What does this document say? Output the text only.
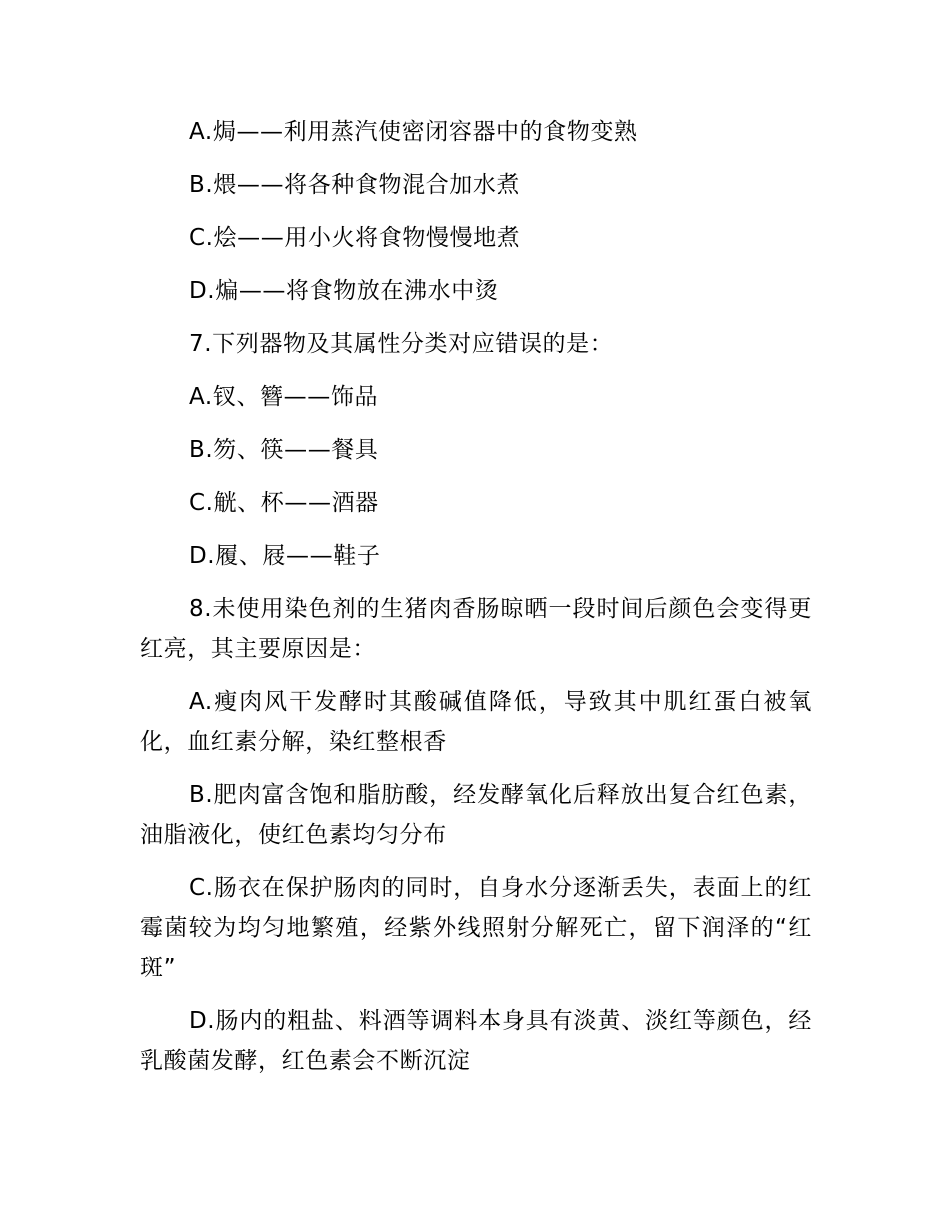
A.焗——利用蒸汽使密闭容器中的食物变熟

B.煨——将各种食物混合加水煮

C.烩——用小火将食物慢慢地煮

D.煸——将食物放在沸水中烫

7.下列器物及其属性分类对应错误的是：

A.钗、簪——饰品

B.笏、筷——餐具

C.觥、杯——酒器

D.履、屐——鞋子

8.未使用染色剂的生猪肉香肠晾晒一段时间后颜色会变得更红亮，其主要原因是：

A.瘦肉风干发酵时其酸碱值降低，导致其中肌红蛋白被氧化，血红素分解，染红整根香

B.肥肉富含饱和脂肪酸，经发酵氧化后释放出复合红色素，油脂液化，使红色素均匀分布

C.肠衣在保护肠肉的同时，自身水分逐渐丢失，表面上的红霉菌较为均匀地繁殖，经紫外线照射分解死亡，留下润泽的“红斑”

D.肠内的粗盐、料酒等调料本身具有淡黄、淡红等颜色，经乳酸菌发酵，红色素会不断沉淀
